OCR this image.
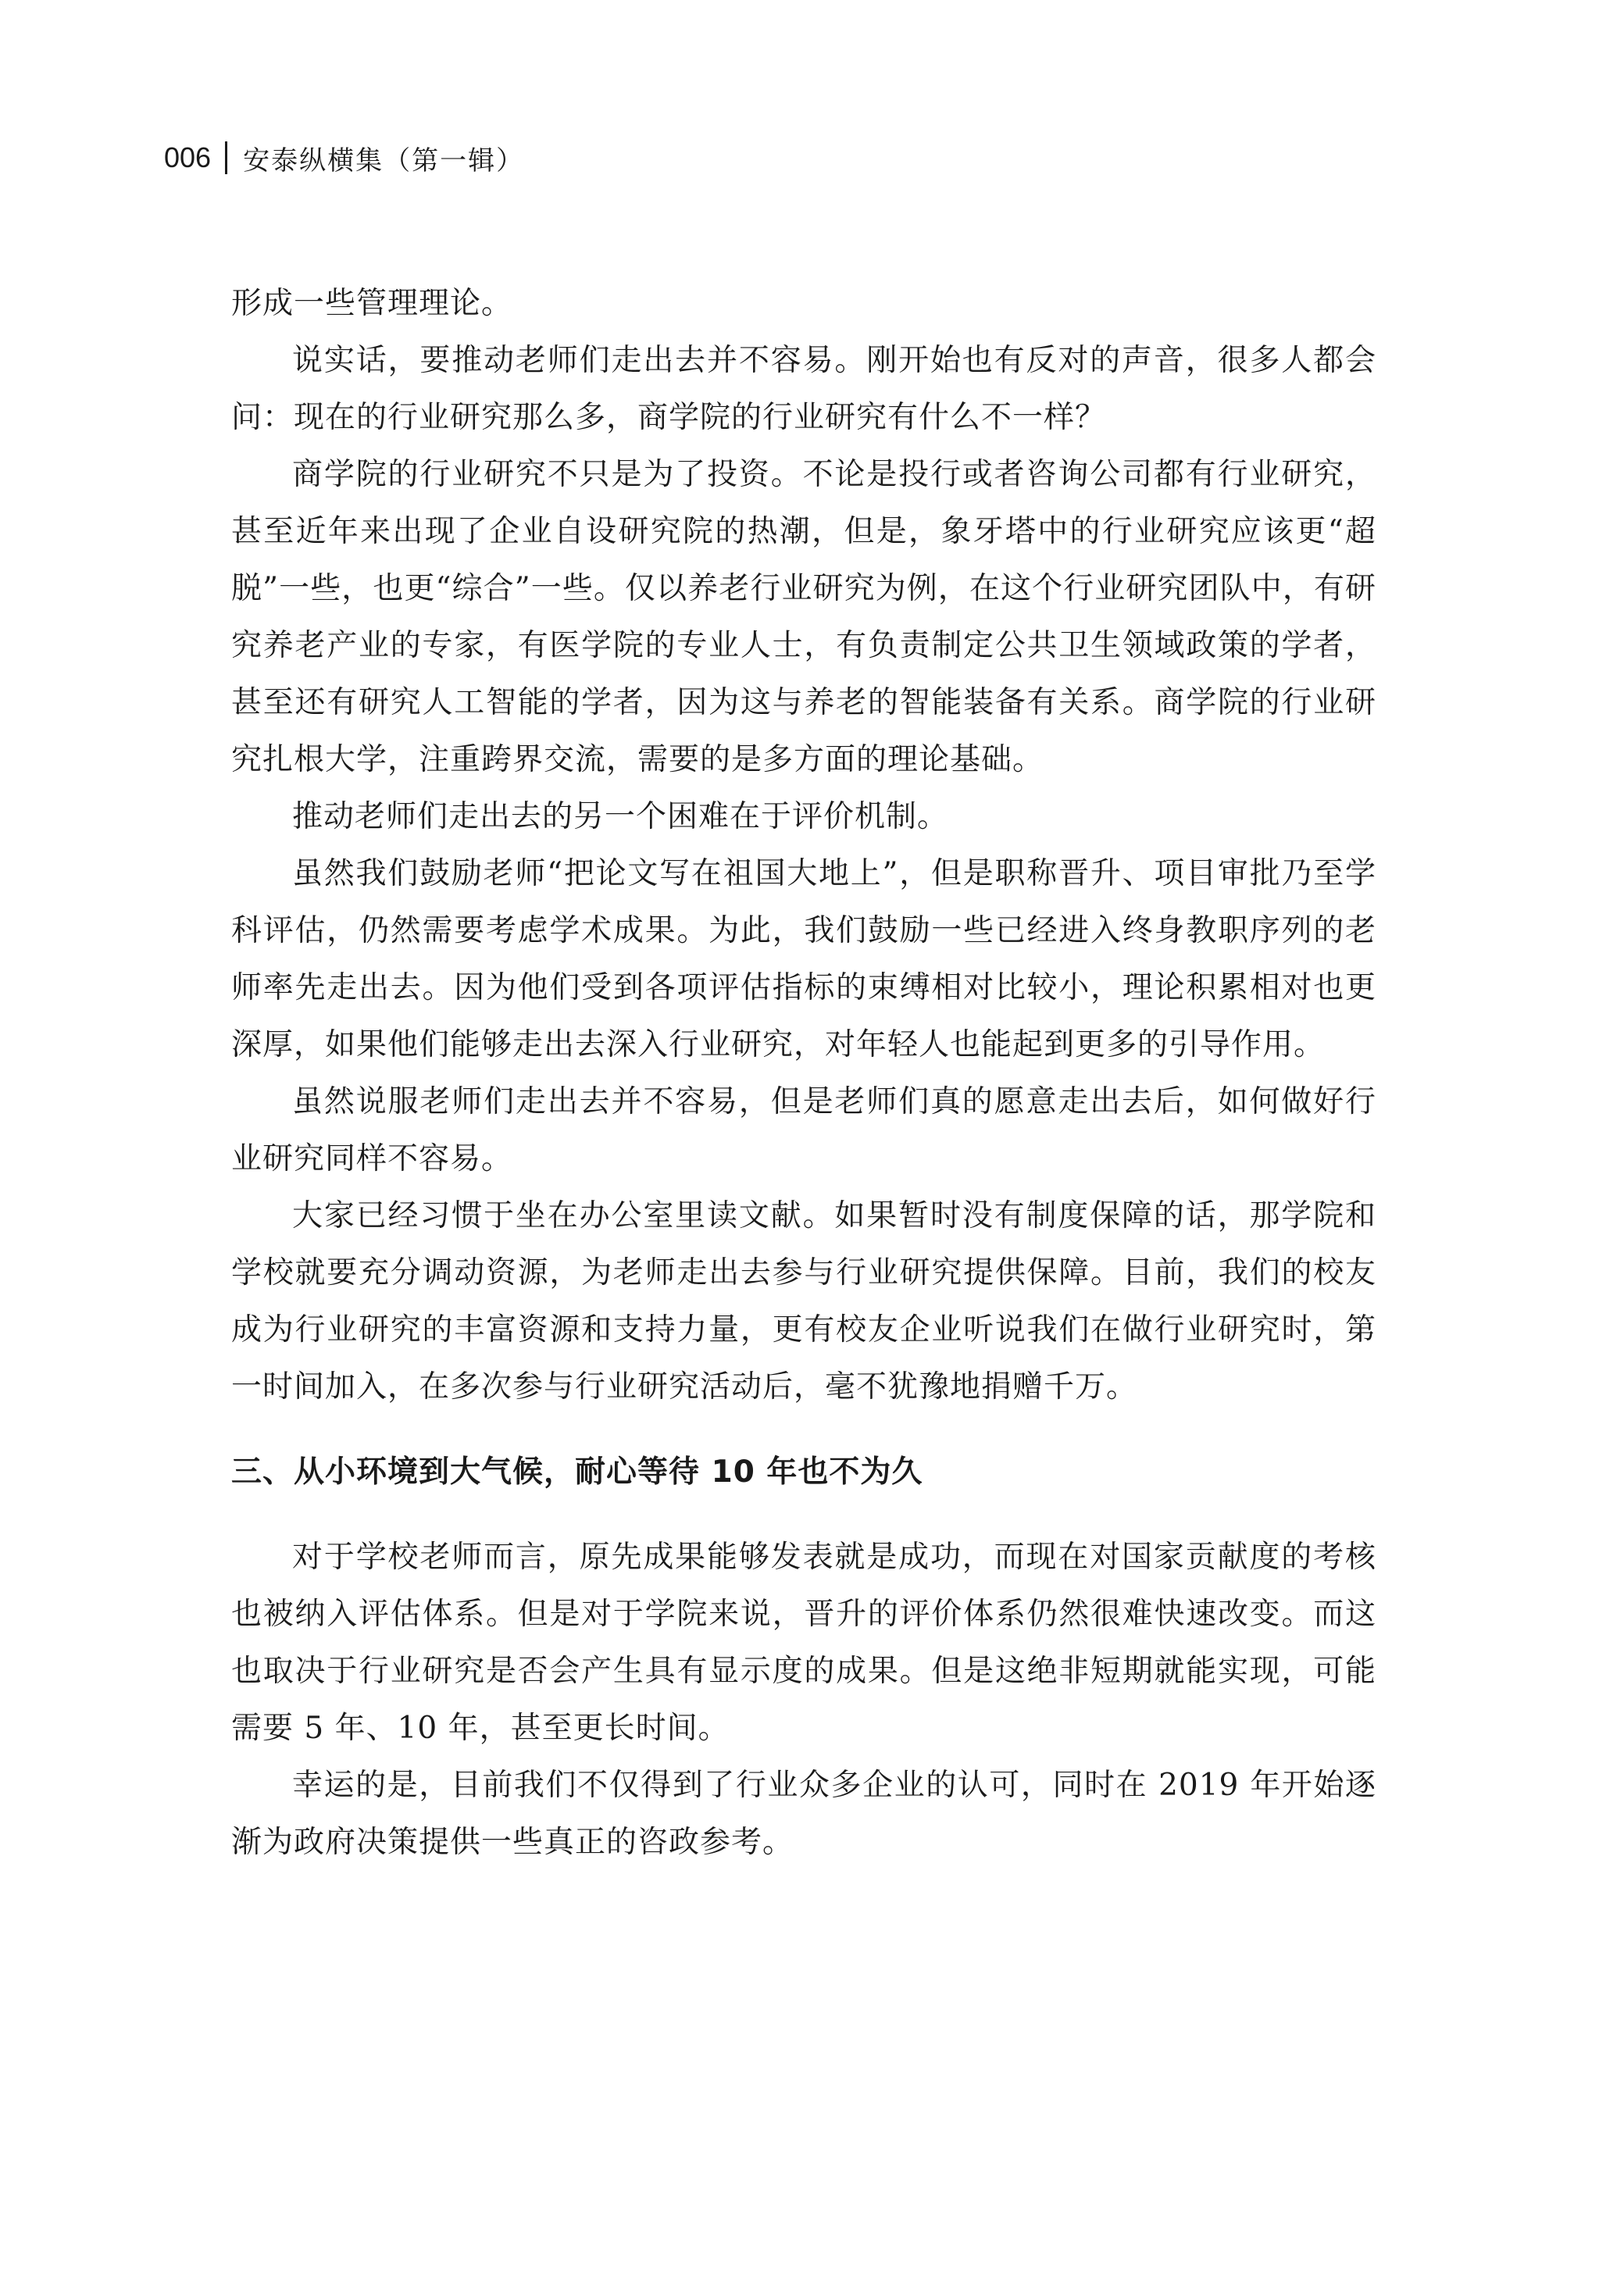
006 安泰纵横集（第一辑）

形成一些管理理论。

说实话，要推动老师们走出去并不容易。刚开始也有反对的声音，很多人都会问：现在的行业研究那么多，商学院的行业研究有什么不一样？

商学院的行业研究不只是为了投资。不论是投行或者咨询公司都有行业研究，甚至近年来出现了企业自设研究院的热潮，但是，象牙塔中的行业研究应该更“超脱”一些，也更“综合”一些。仅以养老行业研究为例，在这个行业研究团队中，有研究养老产业的专家，有医学院的专业人士，有负责制定公共卫生领域政策的学者，甚至还有研究人工智能的学者，因为这与养老的智能装备有关系。商学院的行业研究扎根大学，注重跨界交流，需要的是多方面的理论基础。

推动老师们走出去的另一个困难在于评价机制。

虽然我们鼓励老师“把论文写在祖国大地上”，但是职称晋升、项目审批乃至学科评估，仍然需要考虑学术成果。为此，我们鼓励一些已经进入终身教职序列的老师率先走出去。因为他们受到各项评估指标的束缚相对比较小，理论积累相对也更深厚，如果他们能够走出去深入行业研究，对年轻人也能起到更多的引导作用。

虽然说服老师们走出去并不容易，但是老师们真的愿意走出去后，如何做好行业研究同样不容易。

大家已经习惯于坐在办公室里读文献。如果暂时没有制度保障的话，那学院和学校就要充分调动资源，为老师走出去参与行业研究提供保障。目前，我们的校友成为行业研究的丰富资源和支持力量，更有校友企业听说我们在做行业研究时，第一时间加入，在多次参与行业研究活动后，毫不犹豫地捐赠千万。

三、从小环境到大气候，耐心等待 10 年也不为久

对于学校老师而言，原先成果能够发表就是成功，而现在对国家贡献度的考核也被纳入评估体系。但是对于学院来说，晋升的评价体系仍然很难快速改变。而这也取决于行业研究是否会产生具有显示度的成果。但是这绝非短期就能实现，可能需要 5 年、10 年，甚至更长时间。

幸运的是，目前我们不仅得到了行业众多企业的认可，同时在 2019 年开始逐渐为政府决策提供一些真正的咨政参考。
